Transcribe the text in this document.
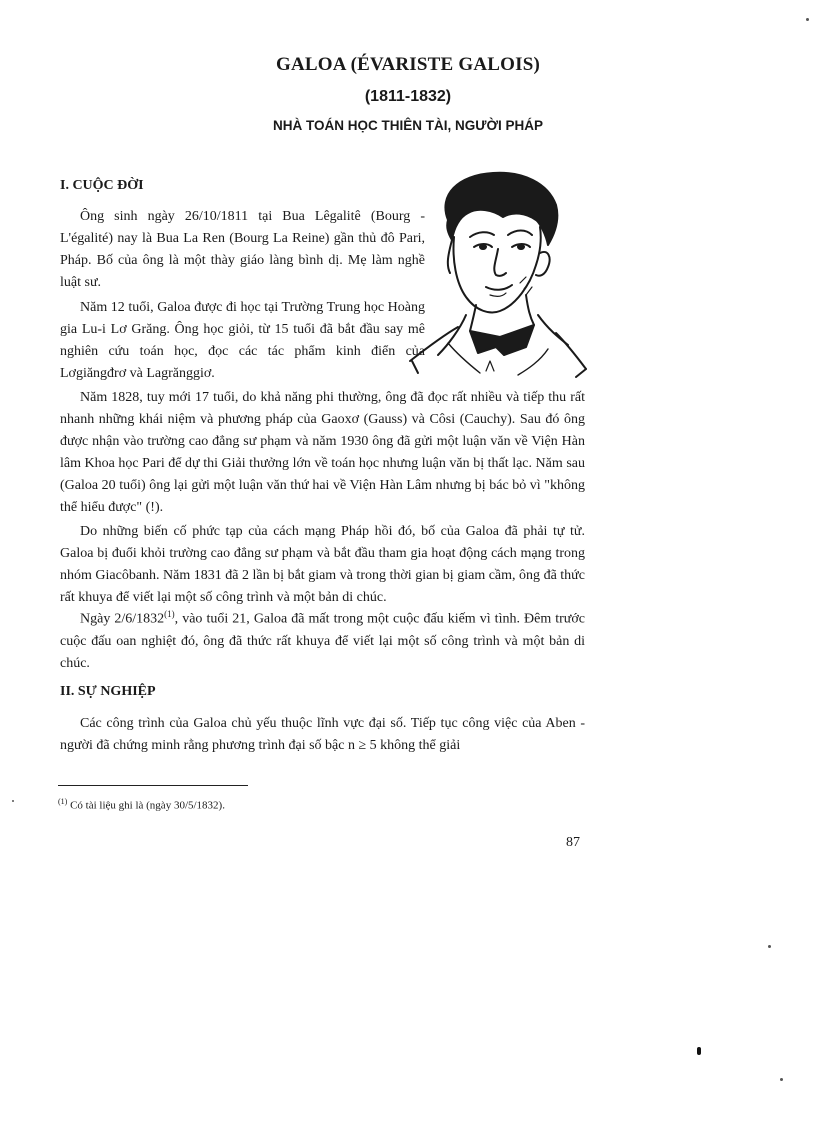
GALOA (ÉVARISTE GALOIS)
(1811-1832)
NHÀ TOÁN HỌC THIÊN TÀI, NGƯỜI PHÁP
I. CUỘC ĐỜI

Ông sinh ngày 26/10/1811 tại Bua Lêgalitê (Bourg - L'égalité) nay là Bua La Ren (Bourg La Reine) gần thủ đô Pari, Pháp. Bố của ông là một thày giáo làng bình dị. Mẹ làm nghề luật sư.

Năm 12 tuổi, Galoa được đi học tại Trường Trung học Hoàng gia Lu-i Lơ Grăng. Ông học giỏi, từ 15 tuổi đã bắt đầu say mê nghiên cứu toán học, đọc các tác phẩm kinh điển của Lơgiăngđrơ và Lagrănggiơ.

Năm 1828, tuy mới 17 tuổi, do khả năng phi thường, ông đã đọc rất nhiều và tiếp thu rất nhanh những khái niệm và phương pháp của Gaoxơ (Gauss) và Côsi (Cauchy). Sau đó ông được nhận vào trường cao đẳng sư phạm và năm 1930 ông đã gửi một luận văn về Viện Hàn lâm Khoa học Pari để dự thi Giải thưởng lớn về toán học nhưng luận văn bị thất lạc. Năm sau (Galoa 20 tuổi) ông lại gửi một luận văn thứ hai về Viện Hàn Lâm nhưng bị bác bỏ vì "không thể hiểu được" (!).

Do những biến cố phức tạp của cách mạng Pháp hồi đó, bố của Galoa đã phải tự tử. Galoa bị đuổi khỏi trường cao đẳng sư phạm và bắt đầu tham gia hoạt động cách mạng trong nhóm Giacôbanh. Năm 1831 đã 2 lần bị bắt giam và trong thời gian bị giam cầm, ông đã thức rất khuya để viết lại một số công trình và một bản di chúc.

Ngày 2/6/1832$^{(1)}$, vào tuổi 21, Galoa đã mất trong một cuộc đấu kiếm vì tình. Đêm trước cuộc đấu oan nghiệt đó, ông đã thức rất khuya để viết lại một số công trình và một bản di chúc.

II. SỰ NGHIỆP

Các công trình của Galoa chủ yếu thuộc lĩnh vực đại số. Tiếp tục công việc của Aben - người đã chứng minh rằng phương trình đại số bậc n ≥ 5 không thể giải

$^{(1)}$ Có tài liệu ghi là (ngày 30/5/1832).
87
